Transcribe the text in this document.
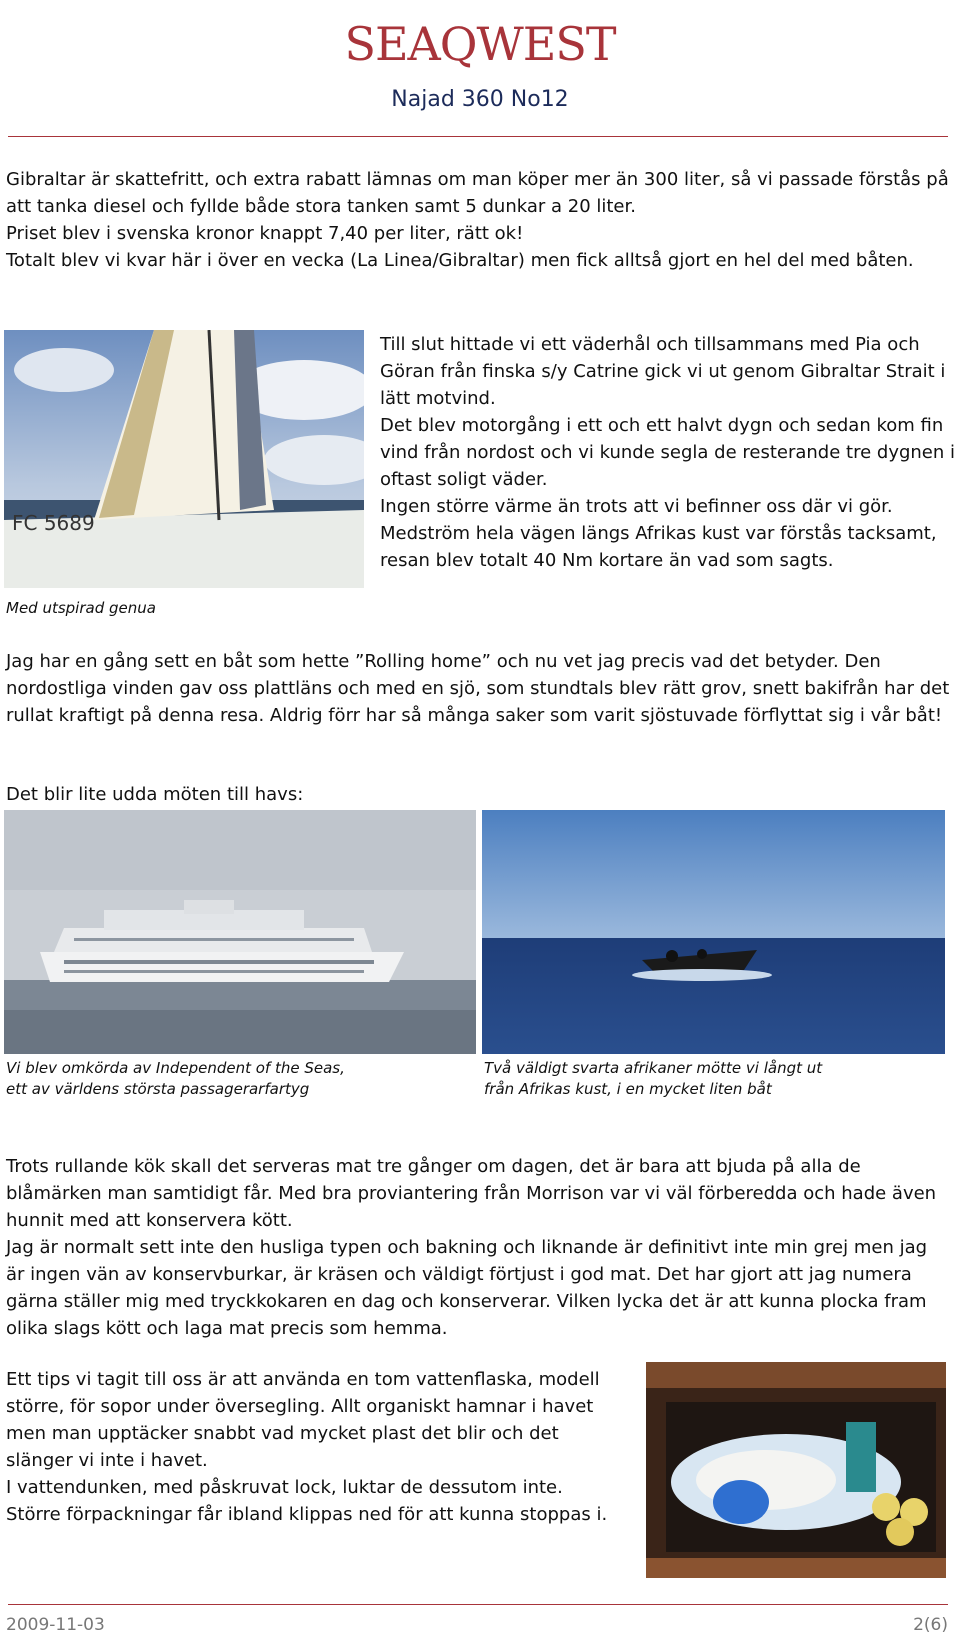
SEAQWEST
Najad 360 No12

Gibraltar är skattefritt, och extra rabatt lämnas om man köper mer än 300 liter, så vi passade förstås på att tanka diesel och fyllde både stora tanken samt 5 dunkar a 20 liter.

Priset blev i svenska kronor knappt 7,40 per liter, rätt ok!

Totalt blev vi kvar här i över en vecka (La Linea/Gibraltar) men fick alltså gjort en hel del med båten.

FC 5689
Med utspirad genua

Till slut hittade vi ett väderhål och tillsammans med Pia och Göran från finska s/y Catrine gick vi ut genom Gibraltar Strait i lätt motvind.

Det blev motorgång i ett och ett halvt dygn och sedan kom fin vind från nordost och vi kunde segla de resterande tre dygnen i oftast soligt väder.

Ingen större värme än trots att vi befinner oss där vi gör. Medström hela vägen längs Afrikas kust var förstås tacksamt, resan blev totalt 40 Nm kortare än vad som sagts.

Jag har en gång sett en båt som hette ”Rolling home” och nu vet jag precis vad det betyder. Den nordostliga vinden gav oss plattläns och med en sjö, som stundtals blev rätt grov, snett bakifrån har det rullat kraftigt på denna resa. Aldrig förr har så många saker som varit sjöstuvade förflyttat sig i vår båt!

Det blir lite udda möten till havs:
Vi blev omkörda av Independent of the Seas,
ett av världens största passagerarfartyg
Två väldigt svarta afrikaner mötte vi långt ut
från Afrikas kust, i en mycket liten båt

Trots rullande kök skall det serveras mat tre gånger om dagen, det är bara att bjuda på alla de blåmärken man samtidigt får. Med bra proviantering från Morrison var vi väl förberedda och hade även hunnit med att konservera kött.

Jag är normalt sett inte den husliga typen och bakning och liknande är definitivt inte min grej men jag är ingen vän av konservburkar, är kräsen och väldigt förtjust i god mat. Det har gjort att jag numera gärna ställer mig med tryckkokaren en dag och konserverar. Vilken lycka det är att kunna plocka fram olika slags kött och laga mat precis som hemma.

Ett tips vi tagit till oss är att använda en tom vattenflaska, modell större, för sopor under översegling. Allt organiskt hamnar i havet men man upptäcker snabbt vad mycket plast det blir och det slänger vi inte i havet.

I vattendunken, med påskruvat lock, luktar de dessutom inte. Större förpackningar får ibland klippas ned för att kunna stoppas i.

2009-11-03	2(6)
